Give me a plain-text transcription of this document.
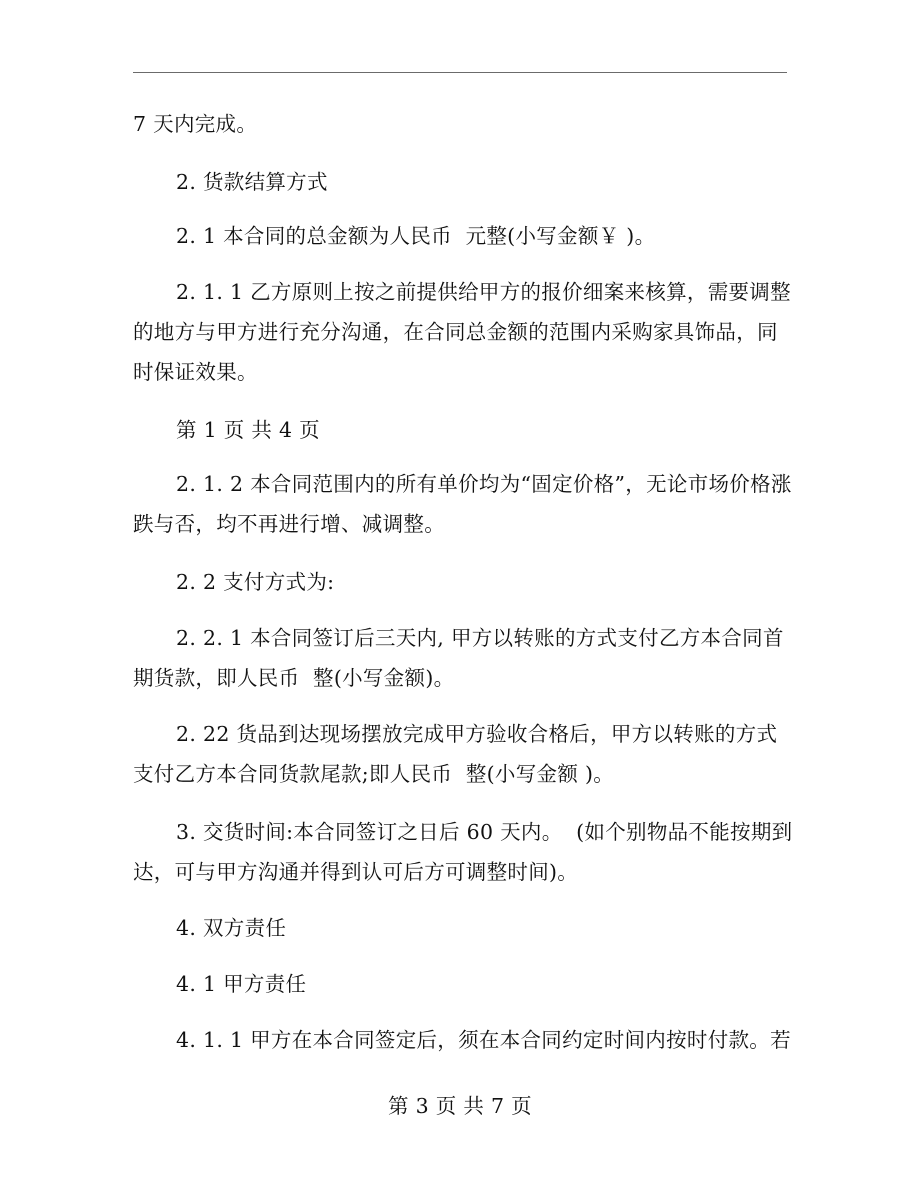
7 天内完成。

2. 货款结算方式

2. 1 本合同的总金额为人民币  元整(小写金额￥ )。

2. 1. 1 乙方原则上按之前提供给甲方的报价细案来核算，需要调整的地方与甲方进行充分沟通，在合同总金额的范围内采购家具饰品，同时保证效果。

第 1 页 共 4 页

2. 1. 2 本合同范围内的所有单价均为“固定价格”，无论市场价格涨跌与否，均不再进行增、减调整。

2. 2 支付方式为:

2. 2. 1 本合同签订后三天内, 甲方以转账的方式支付乙方本合同首期货款，即人民币  整(小写金额)。

2. 22 货品到达现场摆放完成甲方验收合格后，甲方以转账的方式支付乙方本合同货款尾款;即人民币  整(小写金额 )。

3. 交货时间:本合同签订之日后 60 天内。  (如个别物品不能按期到达，可与甲方沟通并得到认可后方可调整时间)。

4. 双方责任

4. 1 甲方责任

4. 1. 1 甲方在本合同签定后，须在本合同约定时间内按时付款。若

第 3 页 共 7 页
